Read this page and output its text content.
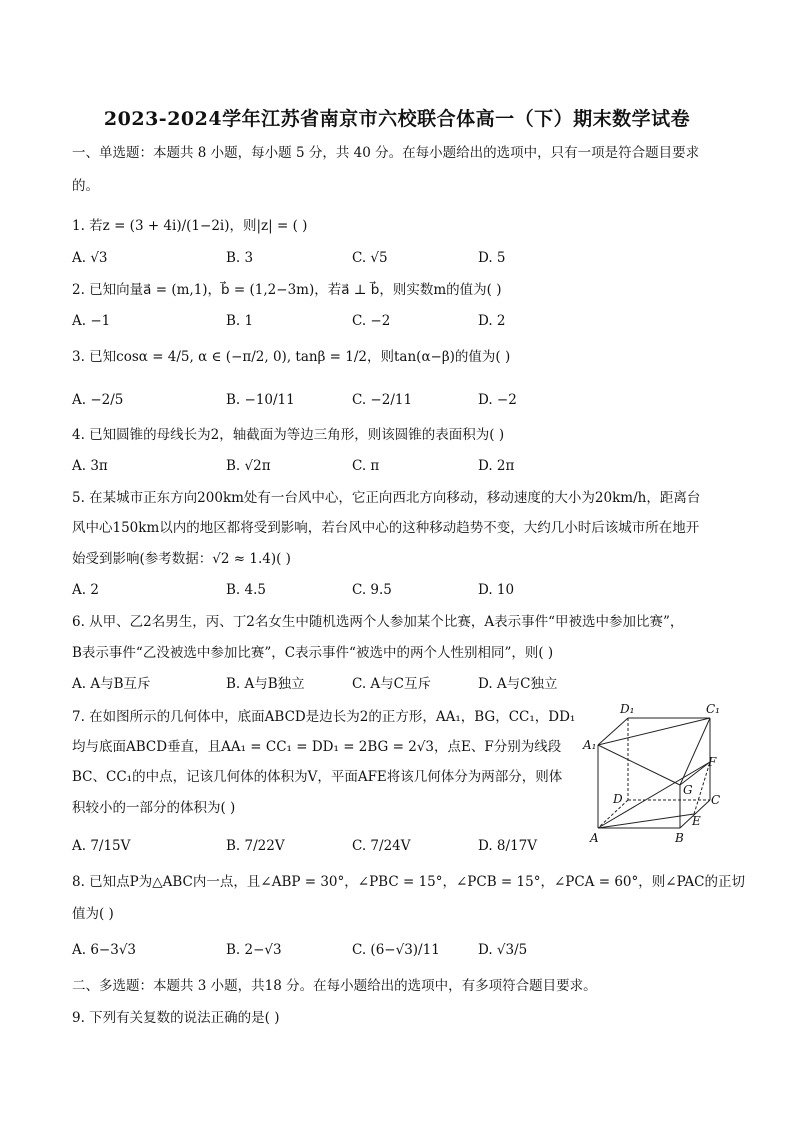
2023-2024学年江苏省南京市六校联合体高一（下）期末数学试卷
一、单选题：本题共 8 小题，每小题 5 分，共 40 分。在每小题给出的选项中，只有一项是符合题目要求
的。
1. 若z = (3 + 4i)/(1−2i)，则|z| = ( )
A. √3	B. 3	C. √5	D. 5
2. 已知向量a⃗ = (m,1)，b⃗ = (1,2−3m)，若a⃗ ⊥ b⃗，则实数m的值为( )
A. −1	B. 1	C. −2	D. 2
3. 已知cosα = 4/5, α ∈ (−π/2, 0), tanβ = 1/2，则tan(α−β)的值为( )
A. −2/5	B. −10/11	C. −2/11	D. −2
4. 已知圆锥的母线长为2，轴截面为等边三角形，则该圆锥的表面积为( )
A. 3π	B. √2π	C. π	D. 2π
5. 在某城市正东方向200km处有一台风中心，它正向西北方向移动，移动速度的大小为20km/h，距离台
风中心150km以内的地区都将受到影响，若台风中心的这种移动趋势不变，大约几小时后该城市所在地开
始受到影响(参考数据：√2 ≈ 1.4)( )
A. 2	B. 4.5	C. 9.5	D. 10
6. 从甲、乙2名男生，丙、丁2名女生中随机选两个人参加某个比赛，A表示事件“甲被选中参加比赛”，
B表示事件“乙没被选中参加比赛”，C表示事件“被选中的两个人性别相同”，则( )
A. A与B互斥	B. A与B独立	C. A与C互斥	D. A与C独立
7. 在如图所示的几何体中，底面ABCD是边长为2的正方形，AA₁，BG，CC₁，DD₁
均与底面ABCD垂直，且AA₁ = CC₁ = DD₁ = 2BG = 2√3，点E、F分别为线段
BC、CC₁的中点，记该几何体的体积为V，平面AFE将该几何体分为两部分，则体
积较小的一部分的体积为( )
A. 7/15V	B. 7/22V	C. 7/24V	D. 8/17V
D₁	C₁
A₁
F
G
D	C
E
A	B
8. 已知点P为△ABC内一点，且∠ABP = 30°，∠PBC = 15°，∠PCB = 15°，∠PCA = 60°，则∠PAC的正切
值为( )
A. 6−3√3	B. 2−√3	C. (6−√3)/11	D. √3/5
二、多选题：本题共 3 小题，共18 分。在每小题给出的选项中，有多项符合题目要求。
9. 下列有关复数的说法正确的是( )
